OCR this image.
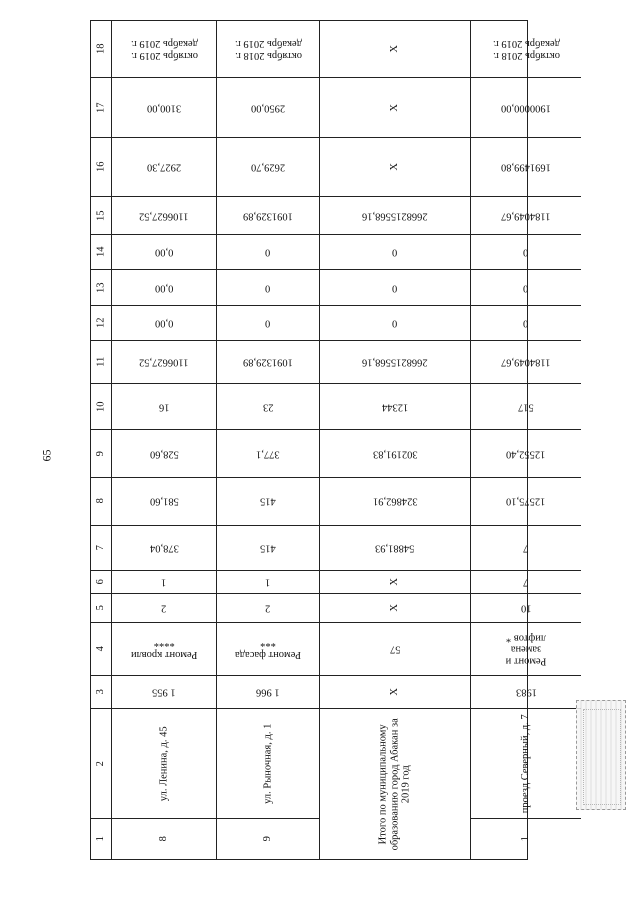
65
18
17
16
15
14
13
12
11
10
9
8
7
6
5
4
3
2
1
октябрь 2019 г.
декабрь 2019 г.
3100,00
2927,30
1106627,52
0,00
0,00
0,00
1106627,52
16
528,60
581,60
378,04
1
2
Ремонт кровли
****
1 955
ул. Ленина, д. 45
8
октябрь 2018 г.
декабрь 2019 г.
2950,00
2629,70
1091329,89
0
0
0
1091329,89
23
377,1
415
415
1
2
Ремонт фасада
***
1 966
ул. Рыночная, д. 1
9
Х
Х
Х
2668215568,16
0
0
0
2668215568,16
12344
302191,83
324862,91
54881,93
Х
Х
57
Х
Итого по муниципальному образованию город Абакан за 2019 год
октябрь 2018 г.
декабрь 2019 г.
1900000,00
1691499,80
1184049,67
0
0
0
1184049,67
517
12552,40
12575,10
7
7
10
Ремонт и замена лифтов *
1983
проезд Северный, д. 7
1
